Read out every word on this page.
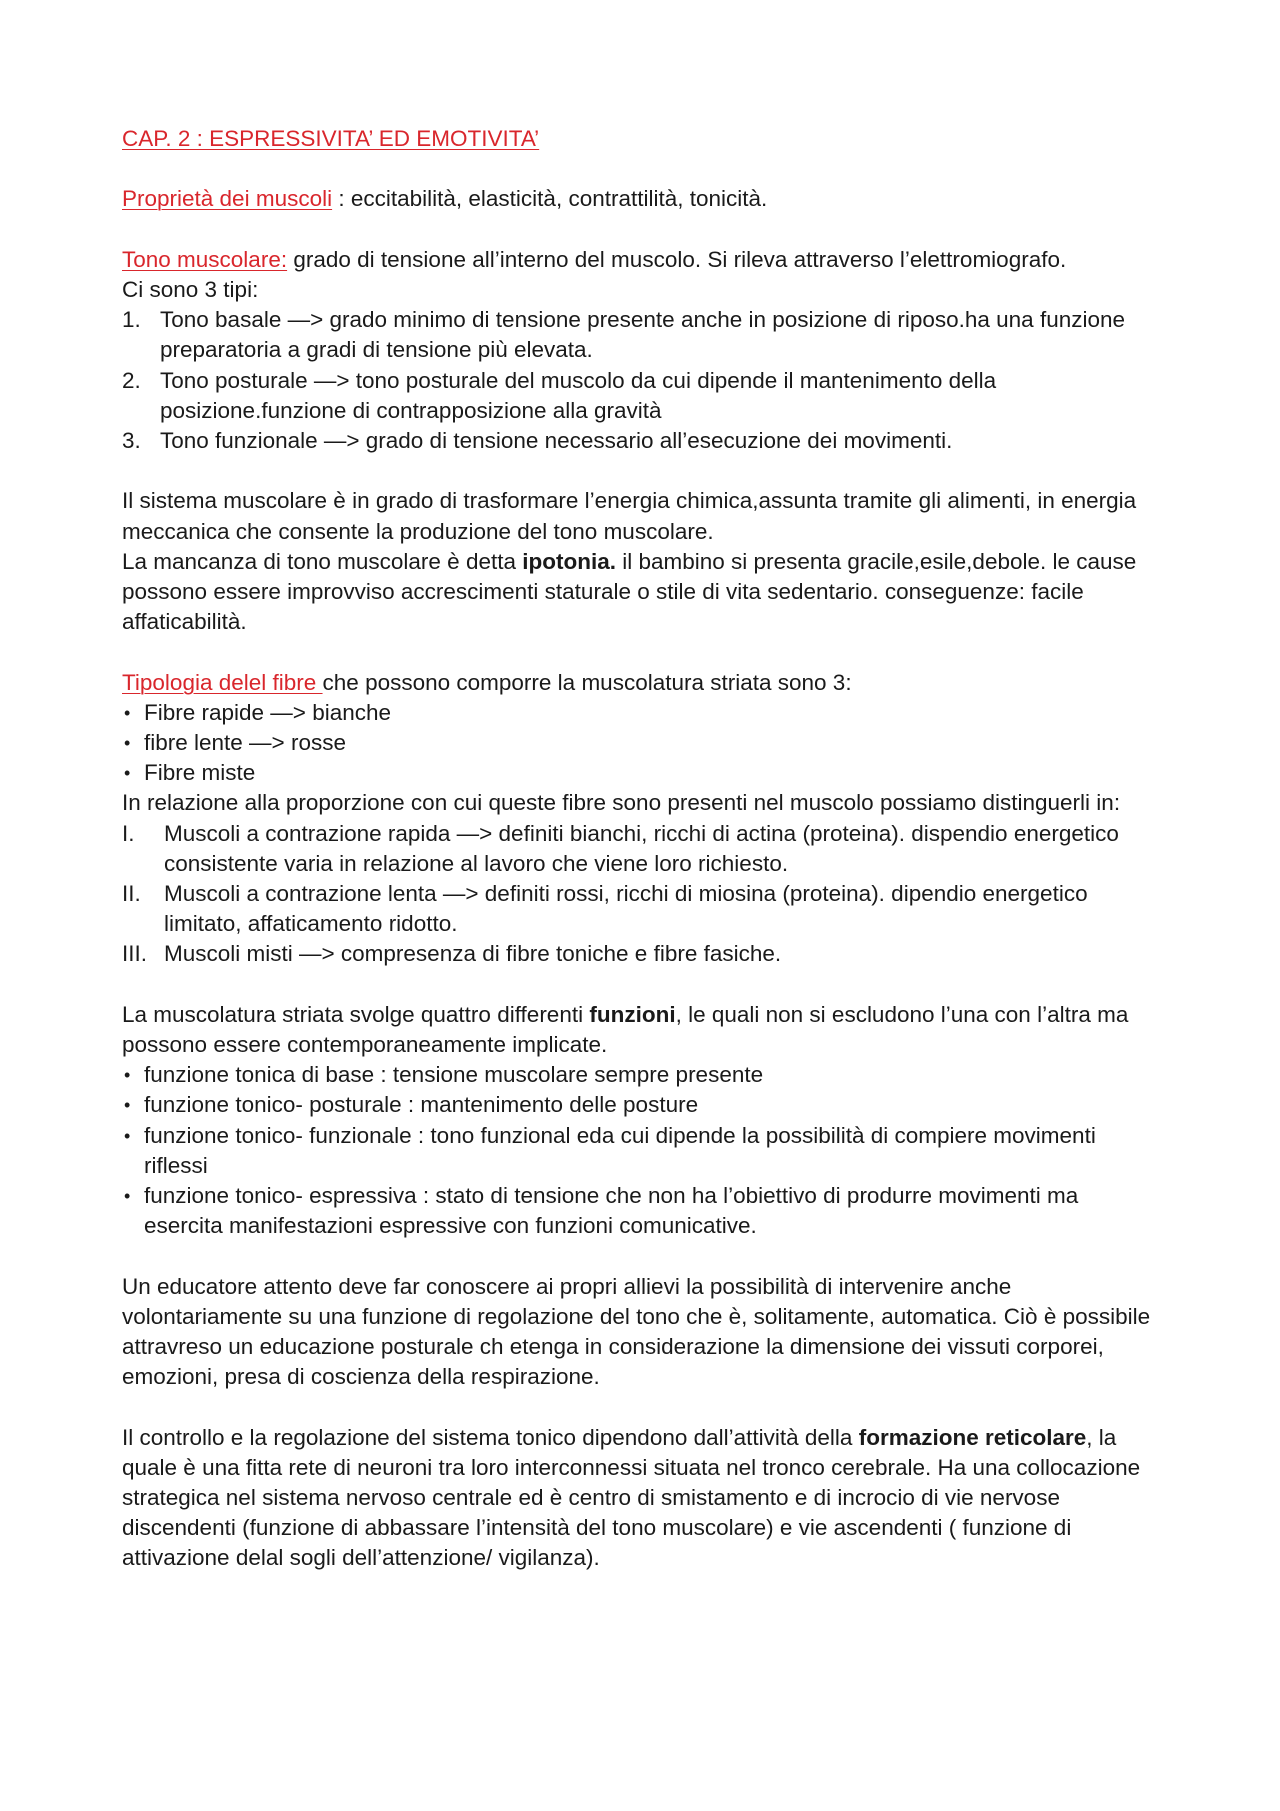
CAP. 2 : ESPRESSIVITA’ ED EMOTIVITA’

Proprietà dei muscoli : eccitabilità, elasticità, contrattilità, tonicità.

Tono muscolare: grado di tensione all’interno del muscolo. Si rileva attraverso l’elettromiografo.

Ci sono 3 tipi:

1. Tono basale —> grado minimo di tensione presente anche in posizione di riposo.ha una funzione preparatoria a gradi di tensione più elevata.
2. Tono posturale —> tono posturale del muscolo da cui dipende il mantenimento della posizione.funzione di contrapposizione alla gravità
3. Tono funzionale —> grado di tensione necessario all’esecuzione dei movimenti.

Il sistema muscolare è in grado di trasformare l’energia chimica,assunta tramite gli alimenti, in energia meccanica che consente la produzione del tono muscolare.

La mancanza di tono muscolare è detta ipotonia. il bambino si presenta gracile,esile,debole. le cause possono essere improvviso accrescimenti staturale o stile di vita sedentario. conseguenze: facile affaticabilità.

Tipologia delel fibre che possono comporre la muscolatura striata sono 3:

• Fibre rapide —> bianche
• fibre lente —> rosse
• Fibre miste

In relazione alla proporzione con cui queste fibre sono presenti nel muscolo possiamo distinguerli in:

I. Muscoli a contrazione rapida —> definiti bianchi, ricchi di actina (proteina). dispendio energetico consistente varia in relazione al lavoro che viene loro richiesto.
II. Muscoli a contrazione lenta —> definiti rossi, ricchi di miosina (proteina). dipendio energetico limitato, affaticamento ridotto.
III. Muscoli misti —> compresenza di fibre toniche e fibre fasiche.

La muscolatura striata svolge quattro differenti funzioni, le quali non si escludono l’una con l’altra ma possono essere contemporaneamente implicate.

• funzione tonica di base : tensione muscolare sempre presente
• funzione tonico- posturale : mantenimento delle posture
• funzione tonico- funzionale : tono funzional eda cui dipende la possibilità di compiere movimenti riflessi
• funzione tonico- espressiva : stato di tensione che non ha l’obiettivo di produrre movimenti ma esercita manifestazioni espressive con funzioni comunicative.

Un educatore attento deve far conoscere ai propri allievi la possibilità di intervenire anche volontariamente su una funzione di regolazione del tono che è, solitamente, automatica. Ciò è possibile attravreso un educazione posturale ch etenga in considerazione la dimensione dei vissuti corporei, emozioni, presa di coscienza della respirazione.

Il controllo e la regolazione del sistema tonico dipendono dall’attività della formazione reticolare, la quale è una fitta rete di neuroni tra loro interconnessi situata nel tronco cerebrale. Ha una collocazione strategica nel sistema nervoso centrale ed è centro di smistamento e di incrocio di vie nervose discendenti (funzione di abbassare l’intensità del tono muscolare) e vie ascendenti ( funzione di attivazione delal sogli dell’attenzione/ vigilanza).
